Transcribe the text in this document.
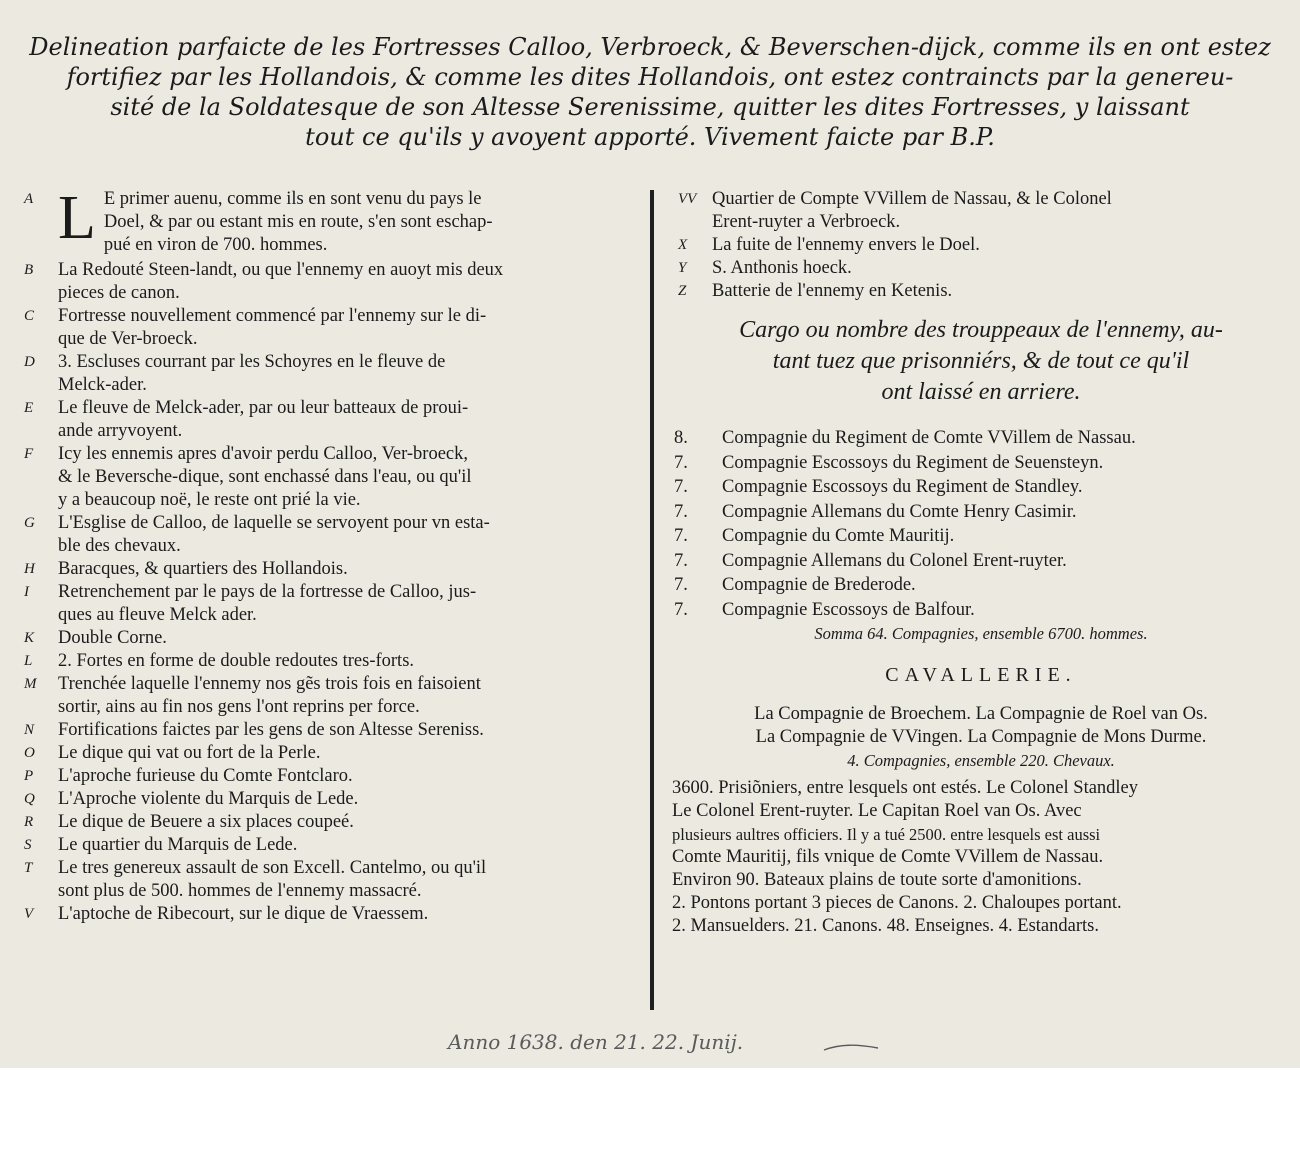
Delineation parfaicte de les Fortresses Calloo, Verbroeck, & Beverschen-dijck, comme ils en ont estez
fortifiez par les Hollandois, & comme les dites Hollandois, ont estez contraincts par la genereu-
sité de la Soldatesque de son Altesse Serenissime, quitter les dites Fortresses, y laissant
tout ce qu'ils y avoyent apporté. Vivement faicte par B.P.
A L E primer auenu, comme ils en sont venu du pays le
Doel, & par ou estant mis en route, s'en sont eschap-
pué en viron de 700. hommes.
B	La Redouté Steen-landt, ou que l'ennemy en auoyt mis deux
pieces de canon.
C	Fortresse nouvellement commencé par l'ennemy sur le di-
que de Ver-broeck.
D	3. Escluses courrant par les Schoyres en le fleuve de
Melck-ader.
E	Le fleuve de Melck-ader, par ou leur batteaux de prouі-
ande arryvoyent.
F	Icy les ennemis apres d'avoir perdu Calloo, Ver-broeck,
& le Beversche-dique, sont enchassé dans l'eau, ou qu'il
y a beaucoup noë, le reste ont prié la vie.
G	L'Esglise de Calloo, de laquelle se servoyent pour vn esta-
ble des chevaux.
H	Baracques, & quartiers des Hollandois.
I	Retrenchement par le pays de la fortresse de Calloo, jus-
ques au fleuve Melck ader.
K	Double Corne.
L	2. Fortes en forme de double redoutes tres-forts.
M	Trenchée laquelle l'ennemy nos gẽs trois fois en faisoient
sortir, ains au fin nos gens l'ont reprins per force.
N	Fortifications faictes par les gens de son Altesse Sereniss.
O	Le dique qui vat ou fort de la Perle.
P	L'aproche furieuse du Comte Fontclaro.
Q	L'Aproche violente du Marquis de Lede.
R	Le dique de Beuere a six places coupeé.
S	Le quartier du Marquis de Lede.
T	Le tres genereux assault de son Excell. Cantelmo, ou qu'il
sont plus de 500. hommes de l'ennemy massacré.
V	L'aptoche de Ribecourt, sur le dique de Vraessem.
VV Quartier de Compte VVillem de Nassau, & le Colonel
Erent-ruyter a Verbroeck.
X	La fuite de l'ennemy envers le Doel.
Y	S. Anthonis hoeck.
Z	Batterie de l'ennemy en Ketenis.
Cargo ou nombre des trouppeaux de l'ennemy, au-
tant tuez que prisonniérs, & de tout ce qu'il
ont laissé en arriere.
8.	Compagnie du Regiment de Comte VVillem de Nassau.
7.	Compagnie Escossoys du Regiment de Seuensteyn.
7.	Compagnie Escossoys du Regiment de Standley.
7.	Compagnie Allemans du Comte Henry Casimir.
7.	Compagnie du Comte Mauritij.
7.	Compagnie Allemans du Colonel Erent-ruyter.
7.	Compagnie de Brederode.
7.	Compagnie Escossoys de Balfour.
Somma 64. Compagnies, ensemble 6700. hommes.
CAVALLERIE.
La Compagnie de Broechem. La Compagnie de Roel van Os.
La Compagnie de VVingen. La Compagnie de Mons Durme.
4. Compagnies, ensemble 220. Chevaux.
3600. Prisiõniers, entre lesquels ont estés. Le Colonel Standley
Le Colonel Erent-ruyter. Le Capitan Roel van Os. Avec
plusieurs aultres officiers. Il y a tué 2500. entre lesquels est aussi
Comte Mauritij, fils vnique de Comte VVillem de Nassau.
Environ 90. Bateaux plains de toute sorte d'amonitions.
2. Pontons portant 3 pieces de Canons. 2. Chaloupes portant.
2. Mansuelders. 21. Canons. 48. Enseignes. 4. Estandarts.
Anno 1638. den 21. 22. Junij.
